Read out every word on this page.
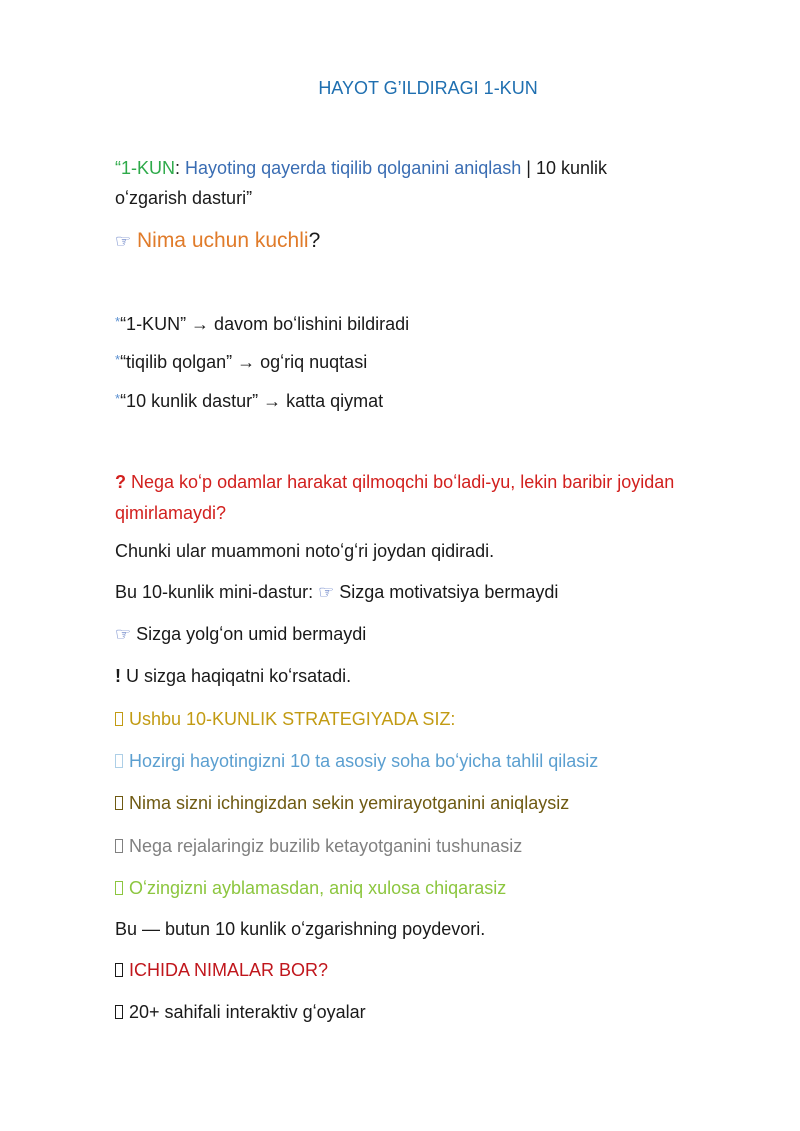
HAYOT G’ILDIRAGI 1-KUN
“1-KUN: Hayoting qayerda tiqilib qolganini aniqlash | 10 kunlik
oʻzgarish dasturi”
☞ Nima uchun kuchli?
*“1-KUN” → davom boʻlishini bildiradi
*“tiqilib qolgan” → ogʻriq nuqtasi
*“10 kunlik dastur” → katta qiymat
? Nega koʻp odamlar harakat qilmoqchi boʻladi-yu, lekin baribir joyidan
qimirlamaydi?
Chunki ular muammoni notoʻgʻri joydan qidiradi.
Bu 10-kunlik mini-dastur: ☞ Sizga motivatsiya bermaydi
☞ Sizga yolgʻon umid bermaydi
! U sizga haqiqatni koʻrsatadi.
Ushbu 10-KUNLIK STRATEGIYADA SIZ:
Hozirgi hayotingizni 10 ta asosiy soha boʻyicha tahlil qilasiz
Nima sizni ichingizdan sekin yemirayotganini aniqlaysiz
Nega rejalaringiz buzilib ketayotganini tushunasiz
Oʻzingizni ayblamasdan, aniq xulosa chiqarasiz
Bu — butun 10 kunlik oʻzgarishning poydevori.
ICHIDA NIMALAR BOR?
20+ sahifali interaktiv gʻoyalar
